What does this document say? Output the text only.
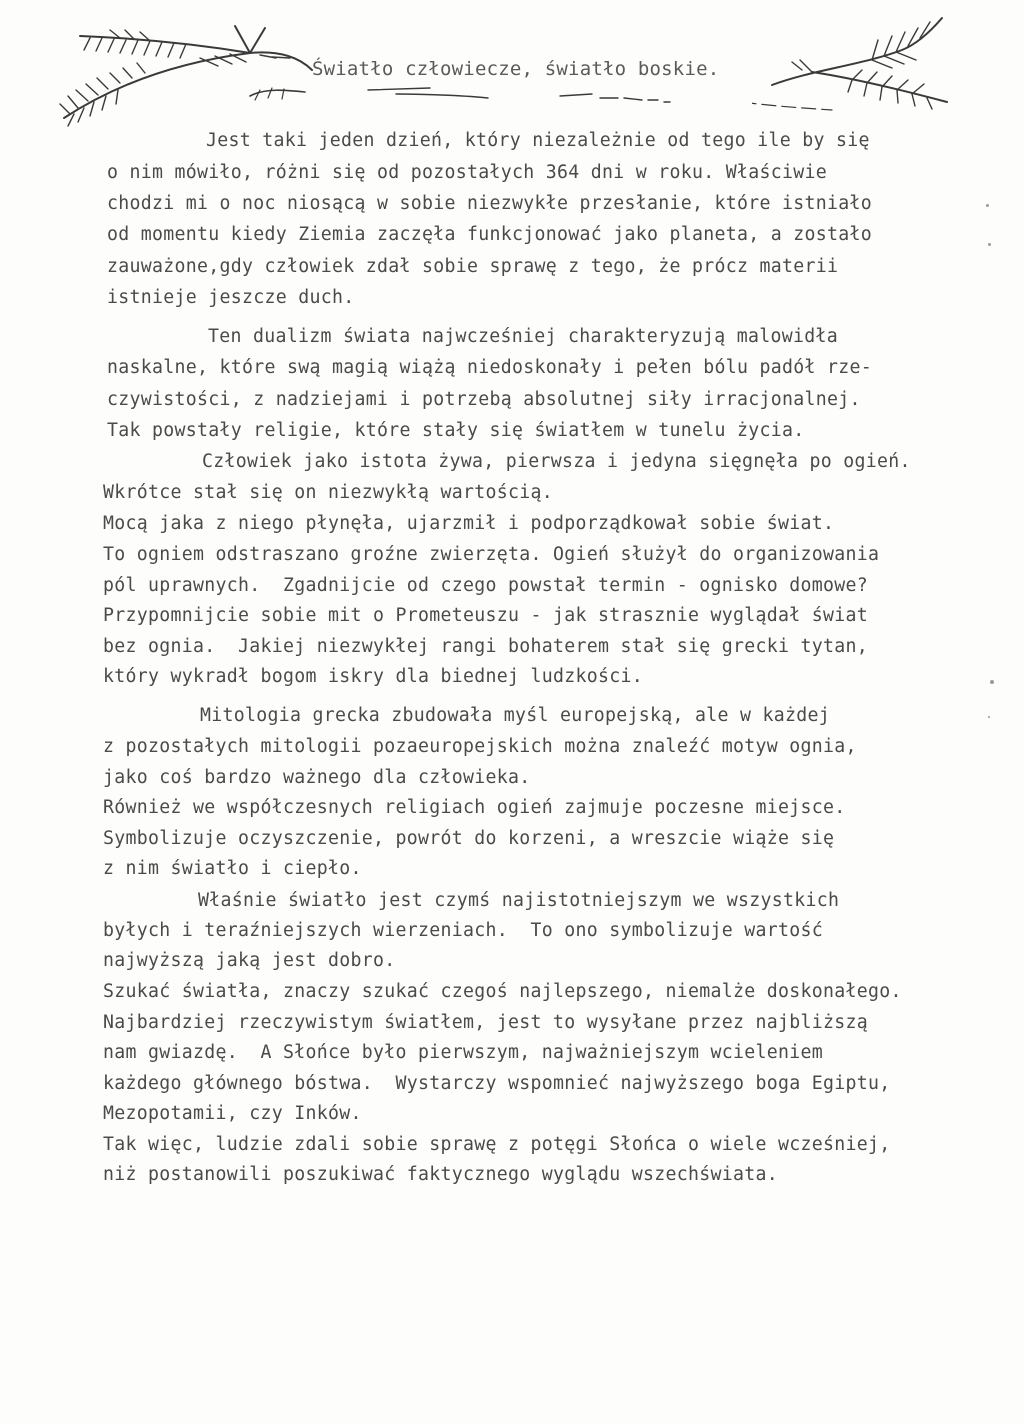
Światło człowiecze, światło boskie.
Jest taki jeden dzień, który niezależnie od tego ile by się
o nim mówiło, różni się od pozostałych 364 dni w roku. Właściwie
chodzi mi o noc niosącą w sobie niezwykłe przesłanie, które istniało
od momentu kiedy Ziemia zaczęła funkcjonować jako planeta, a zostało
zauważone,gdy człowiek zdał sobie sprawę z tego, że prócz materii
istnieje jeszcze duch.
Ten dualizm świata najwcześniej charakteryzują malowidła
naskalne, które swą magią wiążą niedoskonały i pełen bólu padół rze-
czywistości, z nadziejami i potrzebą absolutnej siły irracjonalnej.
Tak powstały religie, które stały się światłem w tunelu życia.
Człowiek jako istota żywa, pierwsza i jedyna sięgnęła po ogień.
Wkrótce stał się on niezwykłą wartością.
Mocą jaka z niego płynęła, ujarzmił i podporządkował sobie świat.
To ogniem odstraszano groźne zwierzęta. Ogień służył do organizowania
pól uprawnych.  Zgadnijcie od czego powstał termin - ognisko domowe?
Przypomnijcie sobie mit o Prometeuszu - jak strasznie wyglądał świat
bez ognia.  Jakiej niezwykłej rangi bohaterem stał się grecki tytan,
który wykradł bogom iskry dla biednej ludzkości.
Mitologia grecka zbudowała myśl europejską, ale w każdej
z pozostałych mitologii pozaeuropejskich można znaleźć motyw ognia,
jako coś bardzo ważnego dla człowieka.
Również we współczesnych religiach ogień zajmuje poczesne miejsce.
Symbolizuje oczyszczenie, powrót do korzeni, a wreszcie wiąże się
z nim światło i ciepło.
Właśnie światło jest czymś najistotniejszym we wszystkich
byłych i teraźniejszych wierzeniach.  To ono symbolizuje wartość
najwyższą jaką jest dobro.
Szukać światła, znaczy szukać czegoś najlepszego, niemalże doskonałego.
Najbardziej rzeczywistym światłem, jest to wysyłane przez najbliższą
nam gwiazdę.  A Słońce było pierwszym, najważniejszym wcieleniem
każdego głównego bóstwa.  Wystarczy wspomnieć najwyższego boga Egiptu,
Mezopotamii, czy Inków.
Tak więc, ludzie zdali sobie sprawę z potęgi Słońca o wiele wcześniej,
niż postanowili poszukiwać faktycznego wyglądu wszechświata.
